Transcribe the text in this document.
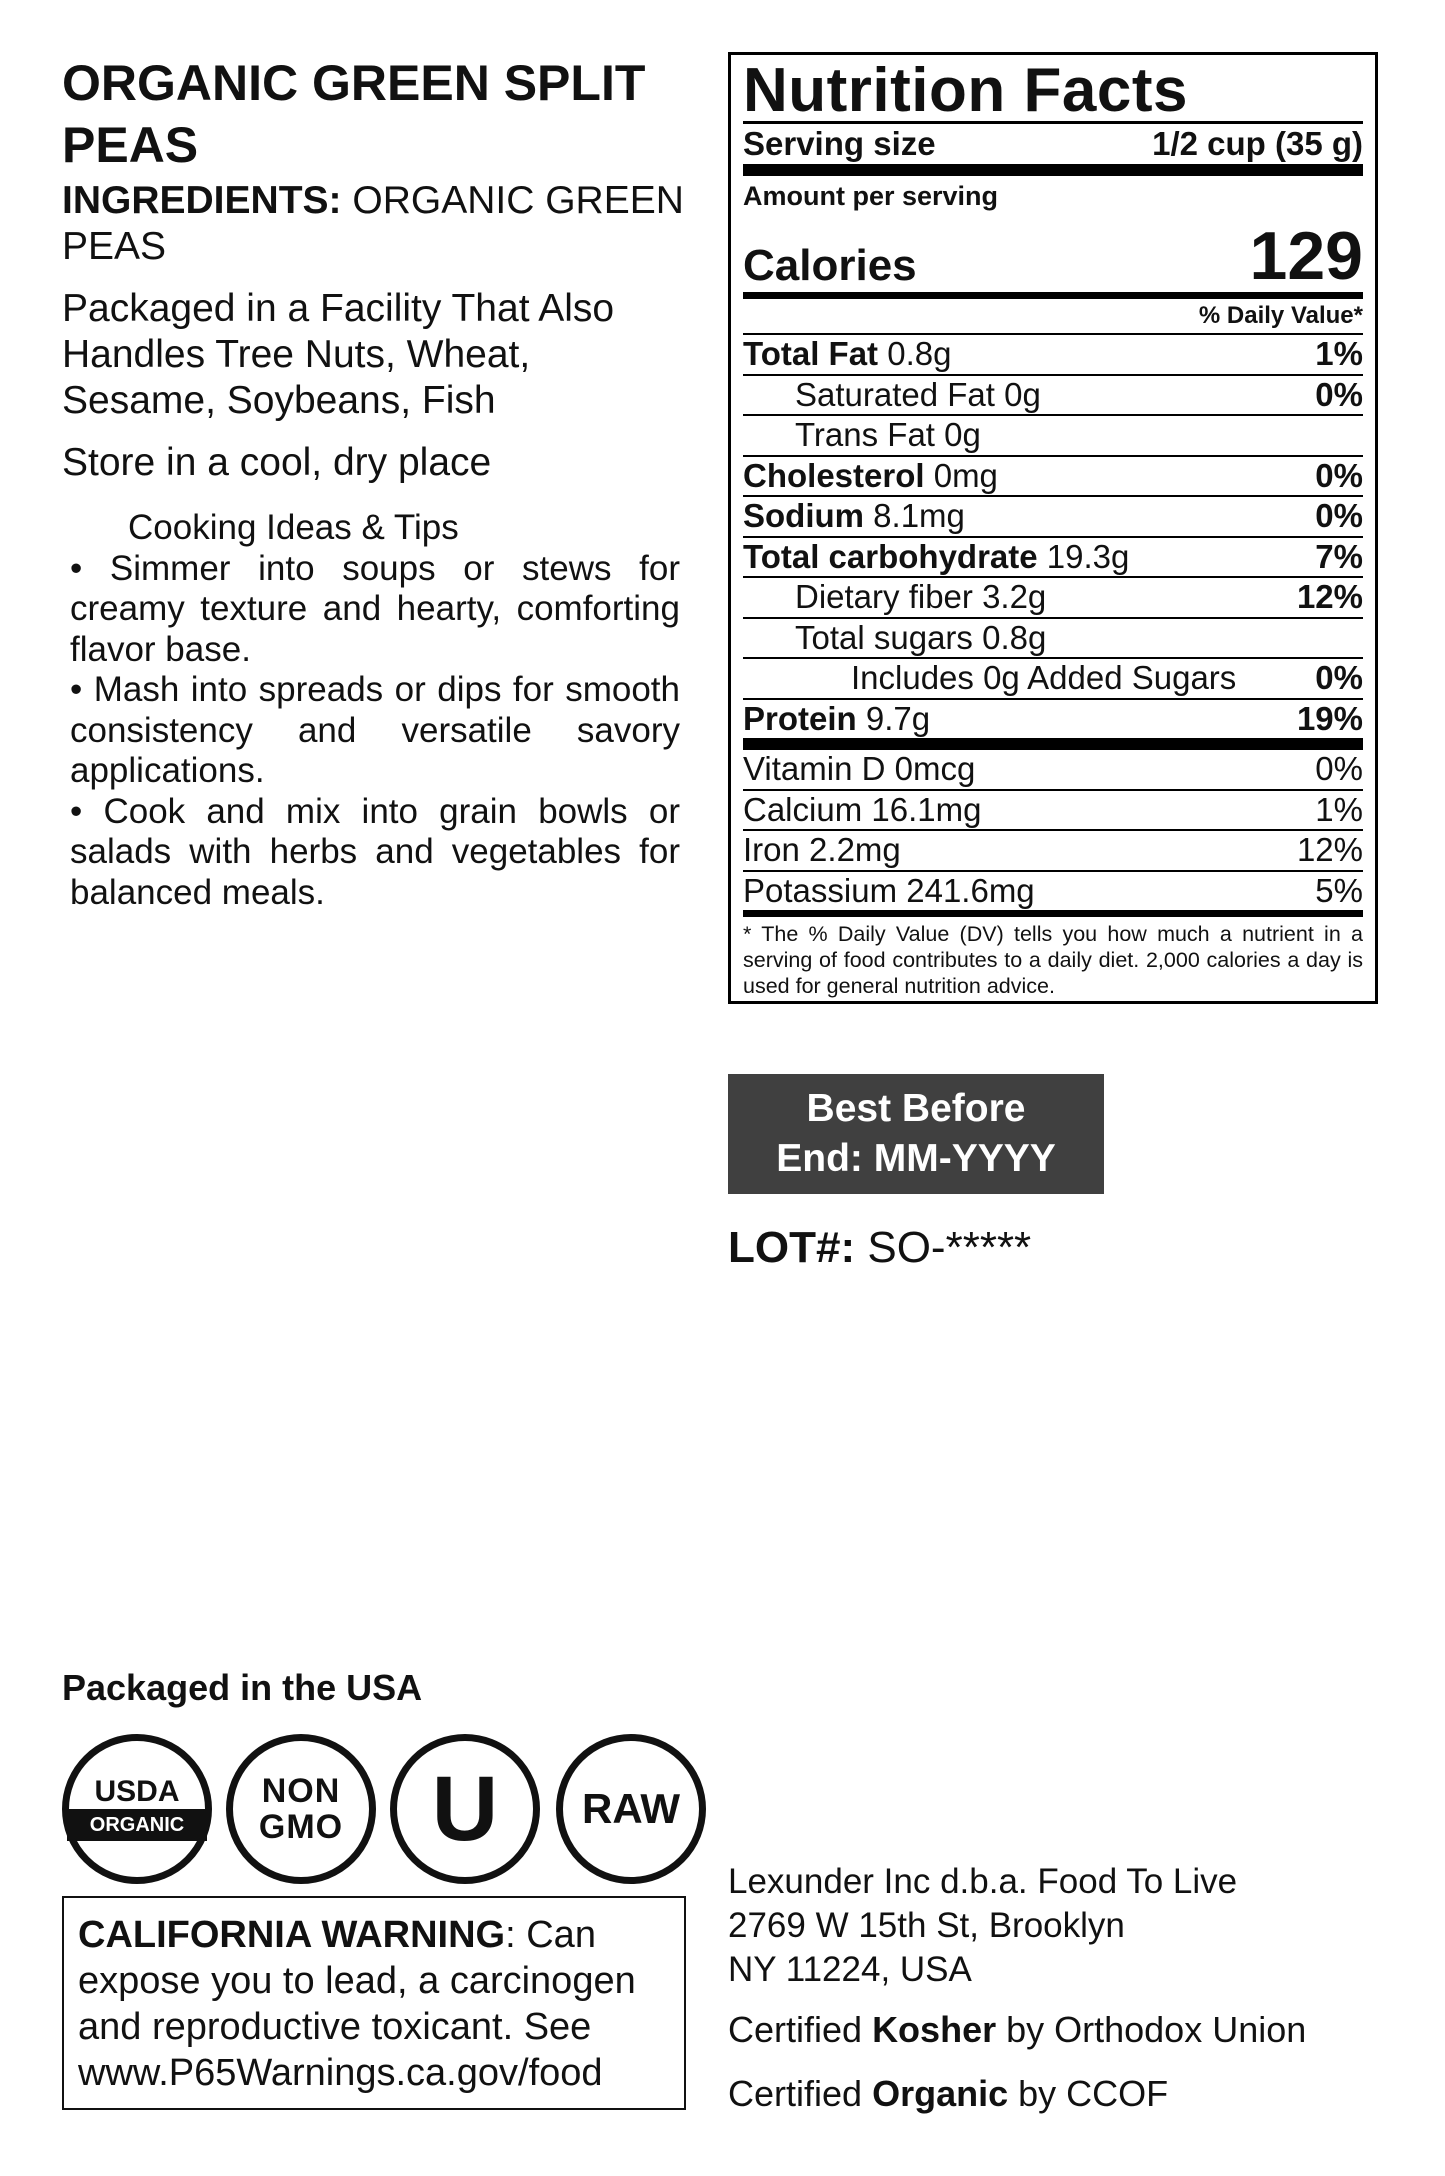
ORGANIC GREEN SPLIT PEAS
INGREDIENTS: ORGANIC GREEN PEAS
Packaged in a Facility That Also Handles Tree Nuts, Wheat, Sesame, Soybeans, Fish
Store in a cool, dry place
Cooking Ideas & Tips
• Simmer into soups or stews for creamy texture and hearty, comforting flavor base.
• Mash into spreads or dips for smooth consistency and versatile savory applications.
• Cook and mix into grain bowls or salads with herbs and vegetables for balanced meals.
Nutrition Facts
Serving size	1/2 cup (35 g)
Amount per serving
Calories	129
% Daily Value*
Total Fat 0.8g	1%
Saturated Fat 0g	0%
Trans Fat 0g
Cholesterol 0mg	0%
Sodium 8.1mg	0%
Total carbohydrate 19.3g	7%
Dietary fiber 3.2g	12%
Total sugars 0.8g
Includes 0g Added Sugars 0%
Protein 9.7g	19%
Vitamin D 0mcg	0%
Calcium 16.1mg	1%
Iron 2.2mg	12%
Potassium 241.6mg	5%
* The % Daily Value (DV) tells you how much a nutrient in a serving of food contributes to a daily diet. 2,000 calories a day is used for general nutrition advice.
Best Before
End: MM-YYYY
LOT#: SO-*****
Packaged in the USA
USDA
ORGANIC
NON
GMO U RAW
CALIFORNIA WARNING: Can expose you to lead, a carcinogen and reproductive toxicant. See www.P65Warnings.ca.gov/food
Lexunder Inc d.b.a. Food To Live
2769 W 15th St, Brooklyn
NY 11224, USA
Certified Kosher by Orthodox Union
Certified Organic by CCOF
